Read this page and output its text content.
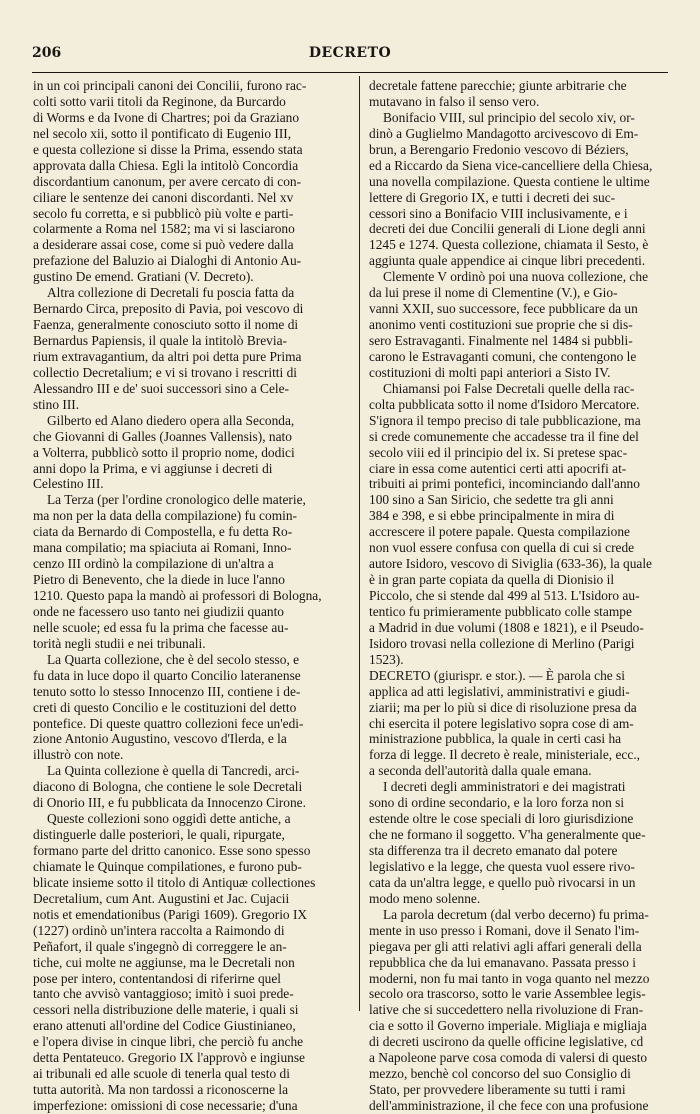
206	DECRETO
in un coi principali canoni dei Concilii, furono rac-
colti sotto varii titoli da Reginone, da Burcardo
di Worms e da Ivone di Chartres; poi da Graziano
nel secolo xii, sotto il pontificato di Eugenio III,
e questa collezione si disse la Prima, essendo stata
approvata dalla Chiesa. Egli la intitolò Concordia
discordantium canonum, per avere cercato di con-
ciliare le sentenze dei canoni discordanti. Nel xv
secolo fu corretta, e si pubblicò più volte e parti-
colarmente a Roma nel 1582; ma vi si lasciarono
a desiderare assai cose, come si può vedere dalla
prefazione del Baluzio ai Dialoghi di Antonio Au-
gustino De emend. Gratiani (V. Decreto).
Altra collezione di Decretali fu poscia fatta da
Bernardo Circa, preposito di Pavia, poi vescovo di
Faenza, generalmente conosciuto sotto il nome di
Bernardus Papiensis, il quale la intitolò Brevia-
rium extravagantium, da altri poi detta pure Prima
collectio Decretalium; e vi si trovano i rescritti di
Alessandro III e de' suoi successori sino a Cele-
stino III.
Gilberto ed Alano diedero opera alla Seconda,
che Giovanni di Galles (Joannes Vallensis), nato
a Volterra, pubblicò sotto il proprio nome, dodici
anni dopo la Prima, e vi aggiunse i decreti di
Celestino III.
La Terza (per l'ordine cronologico delle materie,
ma non per la data della compilazione) fu comin-
ciata da Bernardo di Compostella, e fu detta Ro-
mana compilatio; ma spiaciuta ai Romani, Inno-
cenzo III ordinò la compilazione di un'altra a
Pietro di Benevento, che la diede in luce l'anno
1210. Questo papa la mandò ai professori di Bologna,
onde ne facessero uso tanto nei giudizii quanto
nelle scuole; ed essa fu la prima che facesse au-
torità negli studii e nei tribunali.
La Quarta collezione, che è del secolo stesso, e
fu data in luce dopo il quarto Concilio lateranense
tenuto sotto lo stesso Innocenzo III, contiene i de-
creti di questo Concilio e le costituzioni del detto
pontefice. Di queste quattro collezioni fece un'edi-
zione Antonio Augustino, vescovo d'Ilerda, e la
illustrò con note.
La Quinta collezione è quella di Tancredi, arci-
diacono di Bologna, che contiene le sole Decretali
di Onorio III, e fu pubblicata da Innocenzo Cirone.
Queste collezioni sono oggidì dette antiche, a
distinguerle dalle posteriori, le quali, ripurgate,
formano parte del dritto canonico. Esse sono spesso
chiamate le Quinque compilationes, e furono pub-
blicate insieme sotto il titolo di Antiquæ collectiones
Decretalium, cum Ant. Augustini et Jac. Cujacii
notis et emendationibus (Parigi 1609). Gregorio IX
(1227) ordinò un'intera raccolta a Raimondo di
Peñafort, il quale s'ingegnò di correggere le an-
tiche, cui molte ne aggiunse, ma le Decretali non
pose per intero, contentandosi di riferirne quel
tanto che avvisò vantaggioso; imitò i suoi prede-
cessori nella distribuzione delle materie, i quali si
erano attenuti all'ordine del Codice Giustinianeo,
e l'opera divise in cinque libri, che perciò fu anche
detta Pentateuco. Gregorio IX l'approvò e ingiunse
ai tribunali ed alle scuole di tenerla qual testo di
tutta autorità. Ma non tardossi a riconoscerne la
imperfezione: omissioni di cose necessarie; d'una
decretale fattene parecchie; giunte arbitrarie che
mutavano in falso il senso vero.
Bonifacio VIII, sul principio del secolo xiv, or-
dinò a Guglielmo Mandagotto arcivescovo di Em-
brun, a Berengario Fredonio vescovo di Béziers,
ed a Riccardo da Siena vice-cancelliere della Chiesa,
una novella compilazione. Questa contiene le ultime
lettere di Gregorio IX, e tutti i decreti dei suc-
cessori sino a Bonifacio VIII inclusivamente, e i
decreti dei due Concilii generali di Lione degli anni
1245 e 1274. Questa collezione, chiamata il Sesto, è
aggiunta quale appendice ai cinque libri precedenti.
Clemente V ordinò poi una nuova collezione, che
da lui prese il nome di Clementine (V.), e Gio-
vanni XXII, suo successore, fece pubblicare da un
anonimo venti costituzioni sue proprie che si dis-
sero Estravaganti. Finalmente nel 1484 si pubbli-
carono le Estravaganti comuni, che contengono le
costituzioni di molti papi anteriori a Sisto IV.
Chiamansi poi False Decretali quelle della rac-
colta pubblicata sotto il nome d'Isidoro Mercatore.
S'ignora il tempo preciso di tale pubblicazione, ma
si crede comunemente che accadesse tra il fine del
secolo viii ed il principio del ix. Si pretese spac-
ciare in essa come autentici certi atti apocrifi at-
tribuiti ai primi pontefici, incominciando dall'anno
100 sino a San Siricio, che sedette tra gli anni
384 e 398, e si ebbe principalmente in mira di
accrescere il potere papale. Questa compilazione
non vuol essere confusa con quella di cui si crede
autore Isidoro, vescovo di Siviglia (633-36), la quale
è in gran parte copiata da quella di Dionisio il
Piccolo, che si stende dal 499 al 513. L'Isidoro au-
tentico fu primieramente pubblicato colle stampe
a Madrid in due volumi (1808 e 1821), e il Pseudo-
Isidoro trovasi nella collezione di Merlino (Parigi
1523).
DECRETO (giurispr. e stor.). — È parola che si
applica ad atti legislativi, amministrativi e giudi-
ziarii; ma per lo più si dice di risoluzione presa da
chi esercita il potere legislativo sopra cose di am-
ministrazione pubblica, la quale in certi casi ha
forza di legge. Il decreto è reale, ministeriale, ecc.,
a seconda dell'autorità dalla quale emana.
I decreti degli amministratori e dei magistrati
sono di ordine secondario, e la loro forza non si
estende oltre le cose speciali di loro giurisdizione
che ne formano il soggetto. V'ha generalmente que-
sta differenza tra il decreto emanato dal potere
legislativo e la legge, che questa vuol essere rivo-
cata da un'altra legge, e quello può rivocarsi in un
modo meno solenne.
La parola decretum (dal verbo decerno) fu prima-
mente in uso presso i Romani, dove il Senato l'im-
piegava per gli atti relativi agli affari generali della
repubblica che da lui emanavano. Passata presso i
moderni, non fu mai tanto in voga quanto nel mezzo
secolo ora trascorso, sotto le varie Assemblee legis-
lative che si succedettero nella rivoluzione di Fran-
cia e sotto il Governo imperiale. Migliaja e migliaja
di decreti uscirono da quelle officine legislative, cd
a Napoleone parve cosa comoda di valersi di questo
mezzo, benchè col concorso del suo Consiglio di
Stato, per provvedere liberamente su tutti i rami
dell'amministrazione, il che fece con una profusione
